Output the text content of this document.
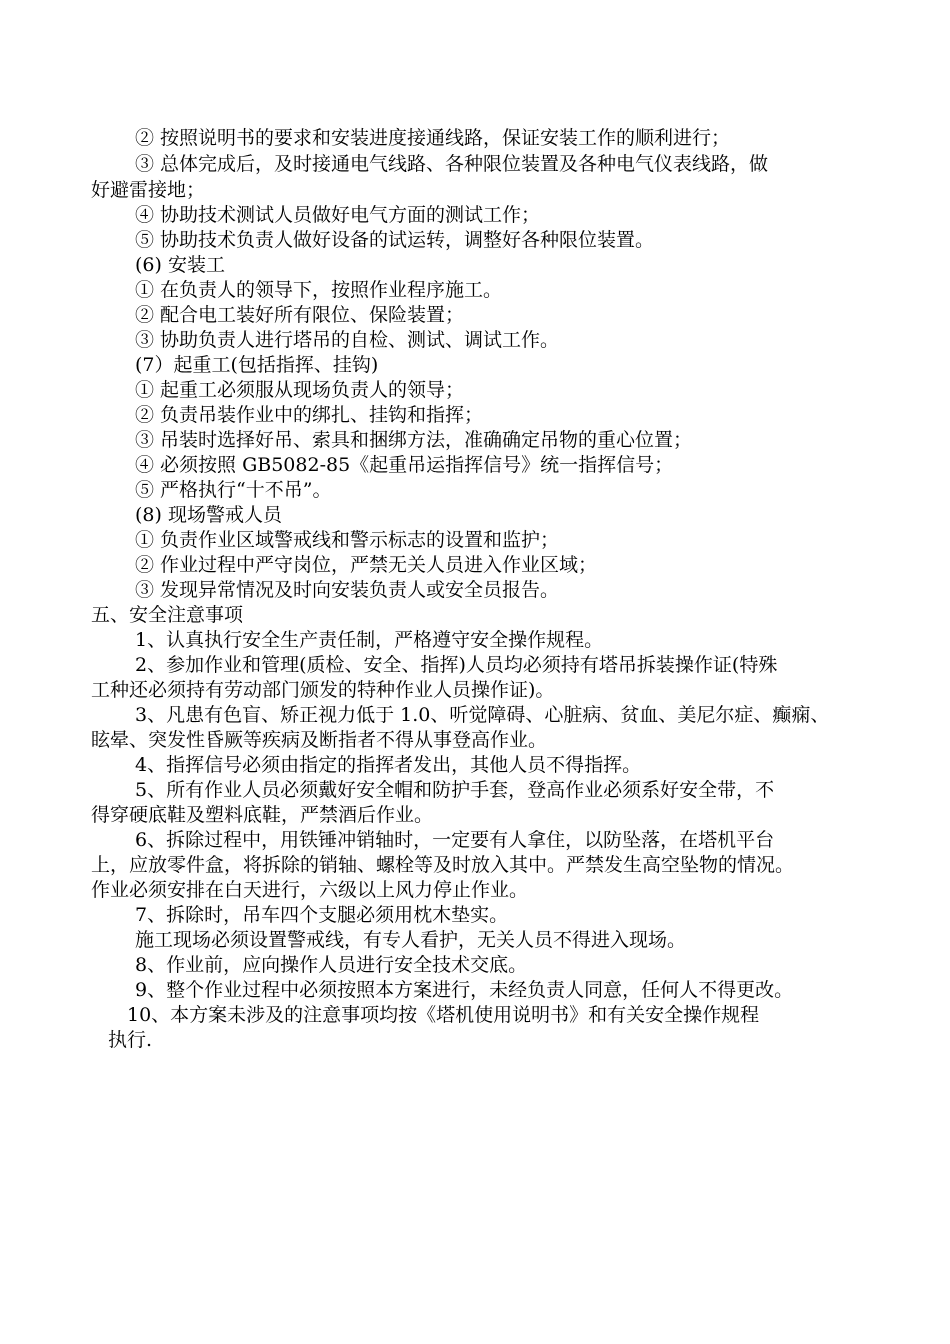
② 按照说明书的要求和安装进度接通线路，保证安装工作的顺利进行；
③ 总体完成后，及时接通电气线路、各种限位装置及各种电气仪表线路，做
好避雷接地；
④ 协助技术测试人员做好电气方面的测试工作；
⑤ 协助技术负责人做好设备的试运转，调整好各种限位装置。
(6) 安装工
① 在负责人的领导下，按照作业程序施工。
② 配合电工装好所有限位、保险装置；
③ 协助负责人进行塔吊的自检、测试、调试工作。
(7）起重工(包括指挥、挂钩)
① 起重工必须服从现场负责人的领导；
② 负责吊装作业中的绑扎、挂钩和指挥；
③ 吊装时选择好吊、索具和捆绑方法，准确确定吊物的重心位置；
④ 必须按照 GB5082-85《起重吊运指挥信号》统一指挥信号；
⑤ 严格执行“十不吊”。
(8) 现场警戒人员
① 负责作业区域警戒线和警示标志的设置和监护；
② 作业过程中严守岗位，严禁无关人员进入作业区域；
③ 发现异常情况及时向安装负责人或安全员报告。
五、安全注意事项
1、认真执行安全生产责任制，严格遵守安全操作规程。
2、参加作业和管理(质检、安全、指挥)人员均必须持有塔吊拆装操作证(特殊
工种还必须持有劳动部门颁发的特种作业人员操作证)。
3、凡患有色盲、矫正视力低于 1.0、听觉障碍、心脏病、贫血、美尼尔症、癫痫、
眩晕、突发性昏厥等疾病及断指者不得从事登高作业。
4、指挥信号必须由指定的指挥者发出，其他人员不得指挥。
5、所有作业人员必须戴好安全帽和防护手套，登高作业必须系好安全带，不
得穿硬底鞋及塑料底鞋，严禁酒后作业。
6、拆除过程中，用铁锤冲销轴时，一定要有人拿住，以防坠落，在塔机平台
上，应放零件盒，将拆除的销轴、螺栓等及时放入其中。严禁发生高空坠物的情况。
作业必须安排在白天进行，六级以上风力停止作业。
7、拆除时，吊车四个支腿必须用枕木垫实。
施工现场必须设置警戒线，有专人看护，无关人员不得进入现场。
8、作业前，应向操作人员进行安全技术交底。
9、整个作业过程中必须按照本方案进行，未经负责人同意，任何人不得更改。
10、本方案未涉及的注意事项均按《塔机使用说明书》和有关安全操作规程
执行.
